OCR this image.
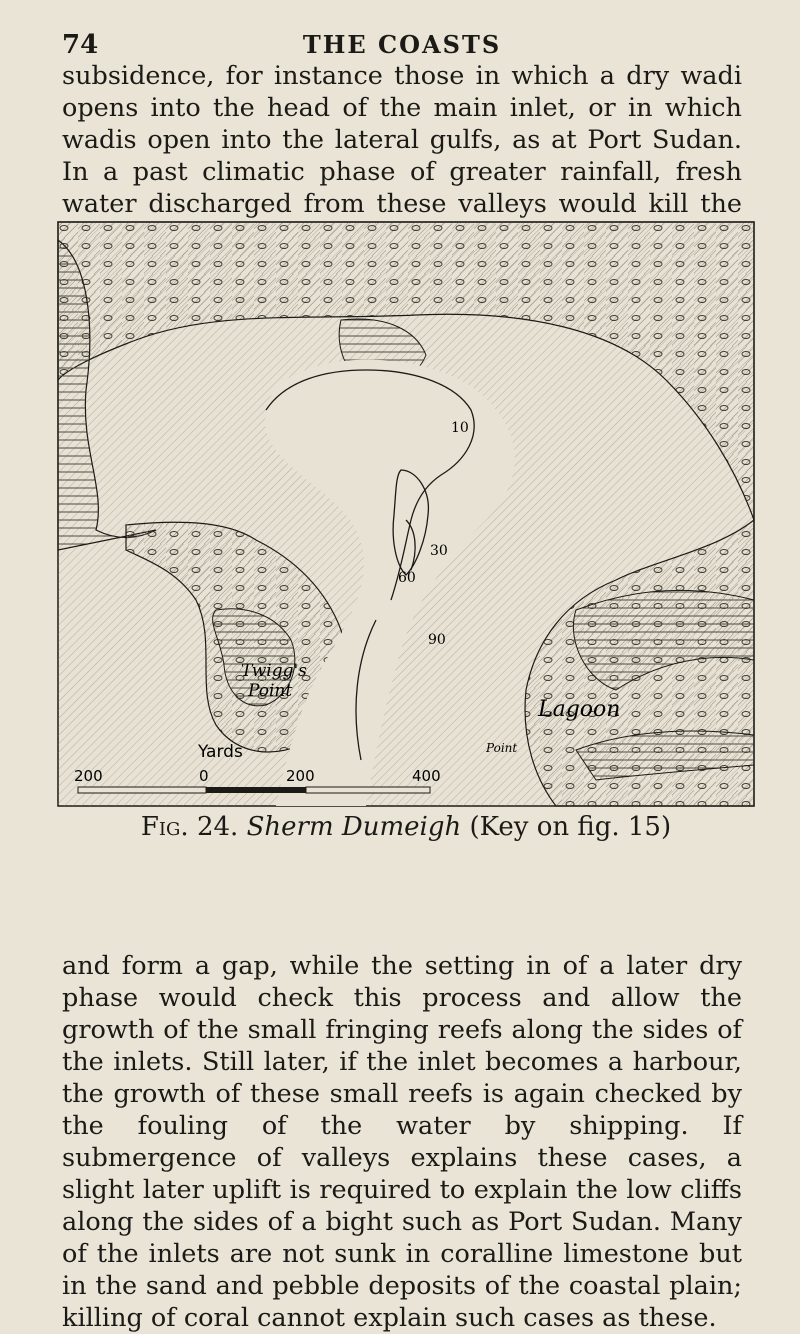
74	THE COASTS

subsidence, for instance those in which a dry wadi opens into the head of the main inlet, or in which wadis open into the lateral gulfs, as at Port Sudan. In a past climatic phase of greater rainfall, fresh water discharged from these valleys would kill the

10
30
60
90
Twigg's
Point
Lagoon
Point
Yards
200	0	200	400
Fig. 24. Sherm Dumeigh (Key on fig. 15)

and form a gap, while the setting in of a later dry phase would check this process and allow the growth of the small fringing reefs along the sides of the inlets. Still later, if the inlet becomes a harbour, the growth of these small reefs is again checked by the fouling of the water by shipping. If submergence of valleys explains these cases, a slight later uplift is required to explain the low cliffs along the sides of a bight such as Port Sudan. Many of the inlets are not sunk in coralline limestone but in the sand and pebble deposits of the coastal plain; killing of coral cannot explain such cases as these.
